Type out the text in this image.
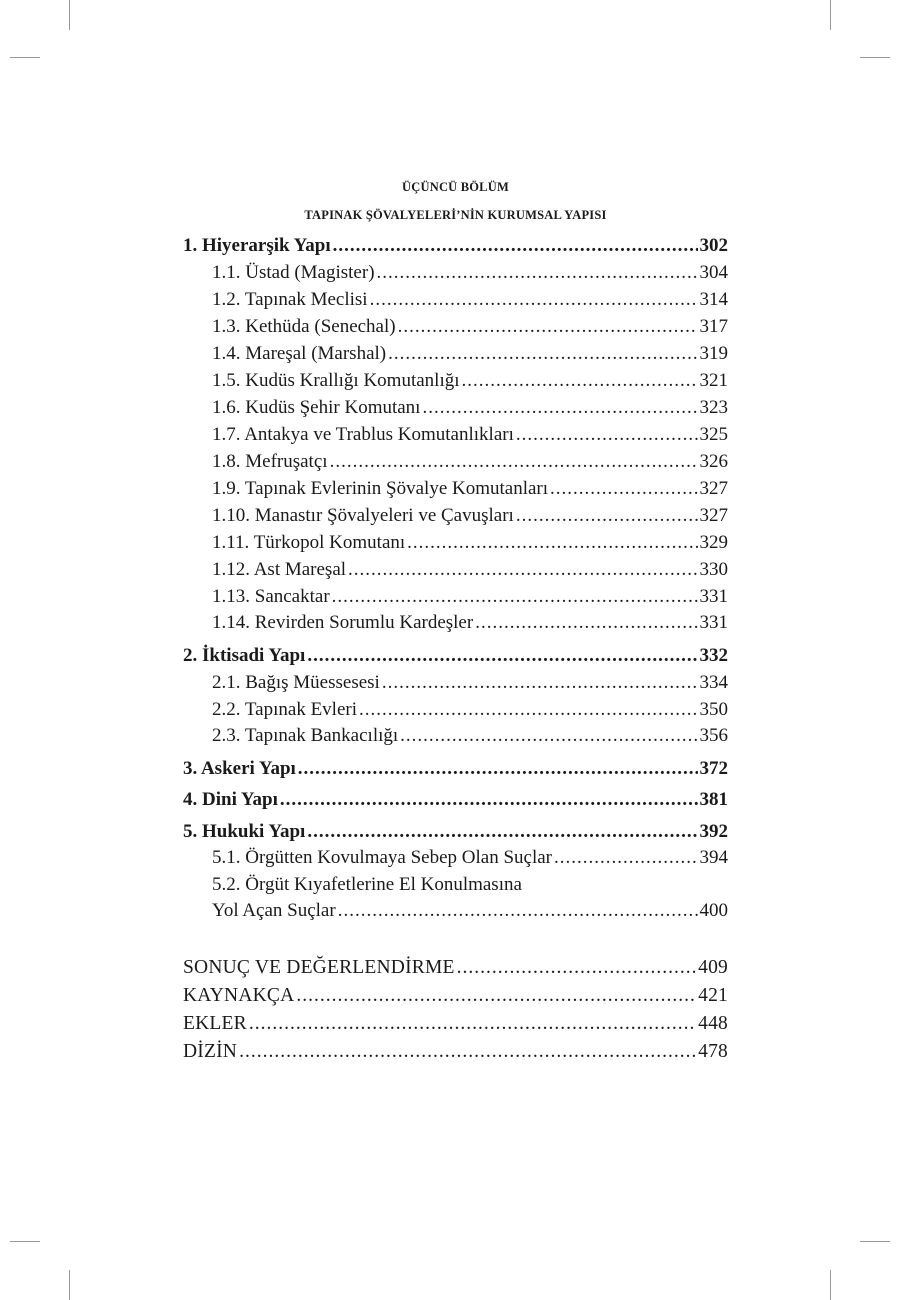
ÜÇÜNCÜ BÖLÜM
TAPINAK ŞÖVALYELERİ’NİN KURUMSAL YAPISI
1. Hiyerarşik Yapı .....	302
1.1. Üstad (Magister) .....	304
1.2. Tapınak Meclisi .....	314
1.3. Kethüda (Senechal) .....	317
1.4. Mareşal (Marshal) .....	319
1.5. Kudüs Krallığı Komutanlığı .....	321
1.6. Kudüs Şehir Komutanı .....	323
1.7. Antakya ve Trablus Komutanlıkları .....	325
1.8. Mefruşatçı .....	326
1.9. Tapınak Evlerinin Şövalye Komutanları .....	327
1.10. Manastır Şövalyeleri ve Çavuşları .....	327
1.11. Türkopol Komutanı .....	329
1.12. Ast Mareşal .....	330
1.13. Sancaktar .....	331
1.14. Revirden Sorumlu Kardeşler .....	331
2. İktisadi Yapı .....	332
2.1. Bağış Müessesesi .....	334
2.2. Tapınak Evleri .....	350
2.3. Tapınak Bankacılığı .....	356
3. Askeri Yapı .....	372
4. Dini Yapı .....	381
5. Hukuki Yapı .....	392
5.1. Örgütten Kovulmaya Sebep Olan Suçlar .....	394
5.2. Örgüt Kıyafetlerine El Konulmasına
Yol Açan Suçlar .....	400
SONUÇ VE DEĞERLENDİRME .....	409
KAYNAKÇA .....	421
EKLER .....	448
DİZİN .....	478
